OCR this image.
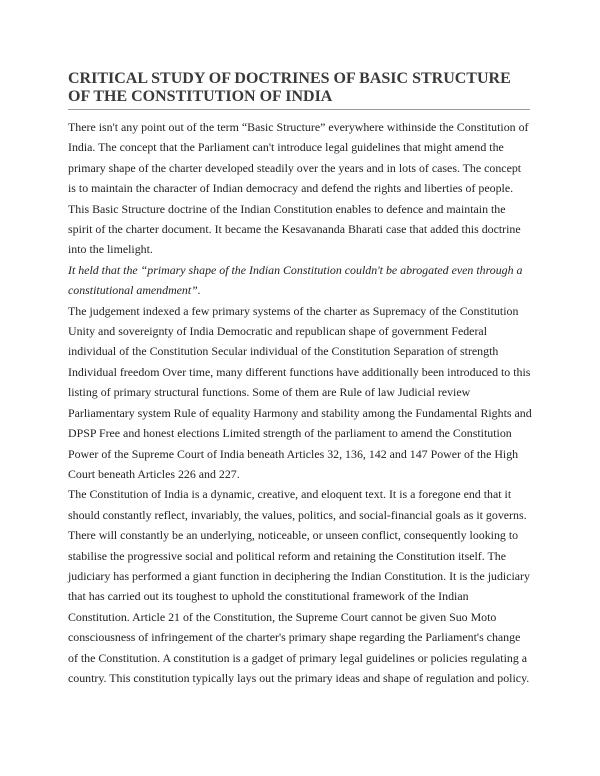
CRITICAL STUDY OF DOCTRINES OF BASIC STRUCTURE
OF THE CONSTITUTION OF INDIA
There isn't any point out of the term “Basic Structure” everywhere withinside the Constitution of
India. The concept that the Parliament can't introduce legal guidelines that might amend the
primary shape of the charter developed steadily over the years and in lots of cases. The concept
is to maintain the character of Indian democracy and defend the rights and liberties of people.
This Basic Structure doctrine of the Indian Constitution enables to defence and maintain the
spirit of the charter document. It became the Kesavananda Bharati case that added this doctrine
into the limelight.
It held that the “primary shape of the Indian Constitution couldn't be abrogated even through a
constitutional amendment”.
The judgement indexed a few primary systems of the charter as Supremacy of the Constitution
Unity and sovereignty of India Democratic and republican shape of government Federal
individual of the Constitution Secular individual of the Constitution Separation of strength
Individual freedom Over time, many different functions have additionally been introduced to this
listing of primary structural functions. Some of them are Rule of law Judicial review
Parliamentary system Rule of equality Harmony and stability among the Fundamental Rights and
DPSP Free and honest elections Limited strength of the parliament to amend the Constitution
Power of the Supreme Court of India beneath Articles 32, 136, 142 and 147 Power of the High
Court beneath Articles 226 and 227.
The Constitution of India is a dynamic, creative, and eloquent text. It is a foregone end that it
should constantly reflect, invariably, the values, politics, and social-financial goals as it governs.
There will constantly be an underlying, noticeable, or unseen conflict, consequently looking to
stabilise the progressive social and political reform and retaining the Constitution itself. The
judiciary has performed a giant function in deciphering the Indian Constitution. It is the judiciary
that has carried out its toughest to uphold the constitutional framework of the Indian
Constitution. Article 21 of the Constitution, the Supreme Court cannot be given Suo Moto
consciousness of infringement of the charter's primary shape regarding the Parliament's change
of the Constitution. A constitution is a gadget of primary legal guidelines or policies regulating a
country. This constitution typically lays out the primary ideas and shape of regulation and policy.
